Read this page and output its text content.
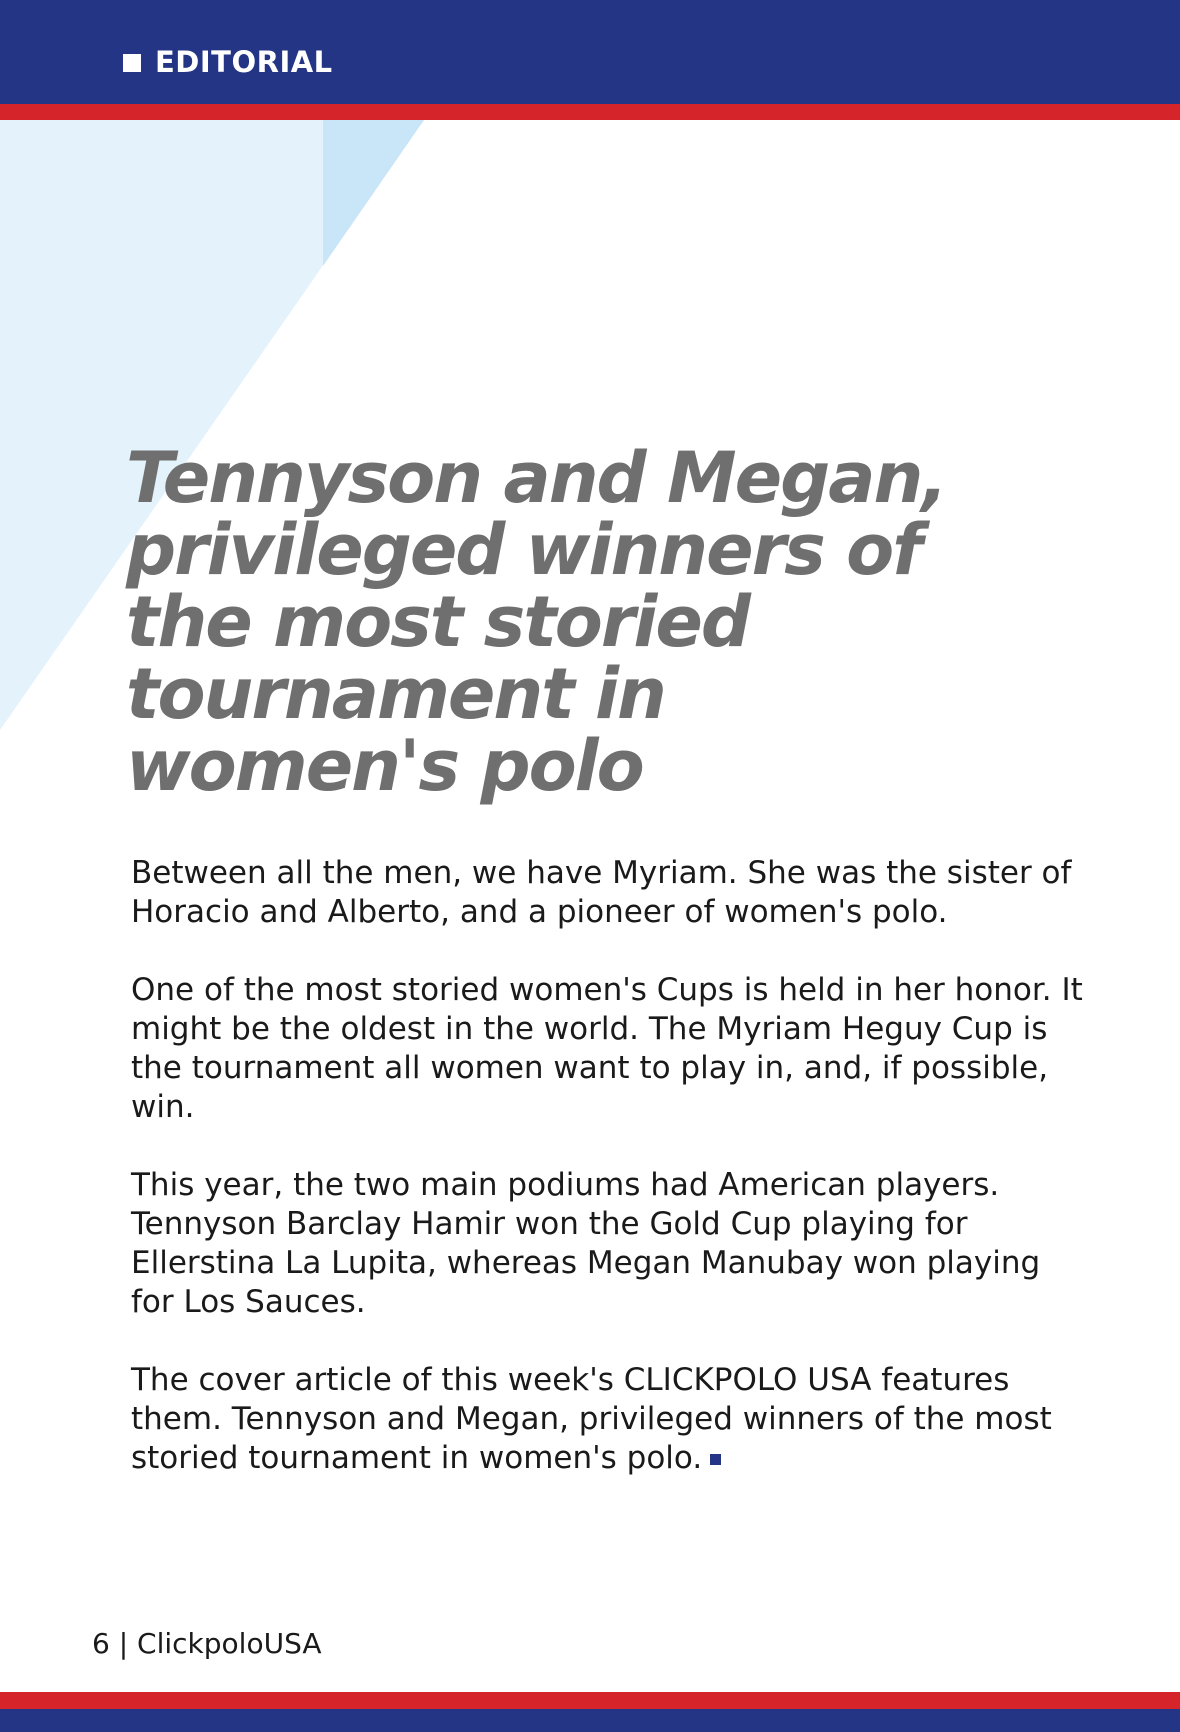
EDITORIAL
Tennyson and Megan,
privileged winners of
the most storied
tournament in
women's polo

Between all the men, we have Myriam. She was the sister of Horacio and Alberto, and a pioneer of women's polo.

One of the most storied women's Cups is held in her honor. It might be the oldest in the world. The Myriam Heguy Cup is the tournament all women want to play in, and, if possible, win.

This year, the two main podiums had American players. Tennyson Barclay Hamir won the Gold Cup playing for Ellerstina La Lupita, whereas Megan Manubay won playing for Los Sauces.

The cover article of this week's CLICKPOLO USA features them. Tennyson and Megan, privileged winners of the most storied tournament in women's polo.

6 | ClickpoloUSA
